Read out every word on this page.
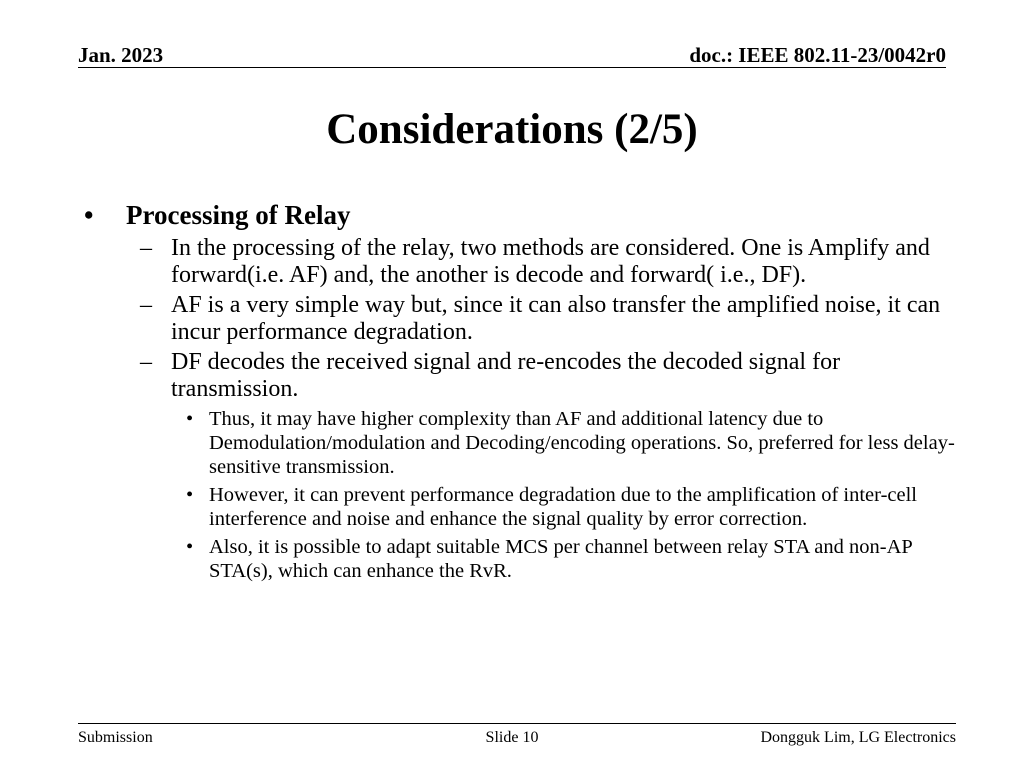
Jan. 2023	doc.: IEEE 802.11-23/0042r0
Considerations (2/5)
• Processing of Relay
– In the processing of the relay, two methods are considered. One is Amplify and forward(i.e. AF) and, the another is decode and forward( i.e., DF).
– AF is a very simple way but, since it can also transfer the amplified noise, it can incur performance degradation.
– DF decodes the received signal and re-encodes the decoded signal for transmission.
• Thus, it may have higher complexity than AF and additional latency due to Demodulation/modulation and Decoding/encoding operations. So, preferred for less delay-sensitive transmission.
• However, it can prevent performance degradation due to the amplification of inter-cell interference and noise and enhance the signal quality by error correction.
• Also, it is possible to adapt suitable MCS per channel between relay STA and non-AP STA(s), which can enhance the RvR.
Submission	Slide 10	Dongguk Lim, LG Electronics
